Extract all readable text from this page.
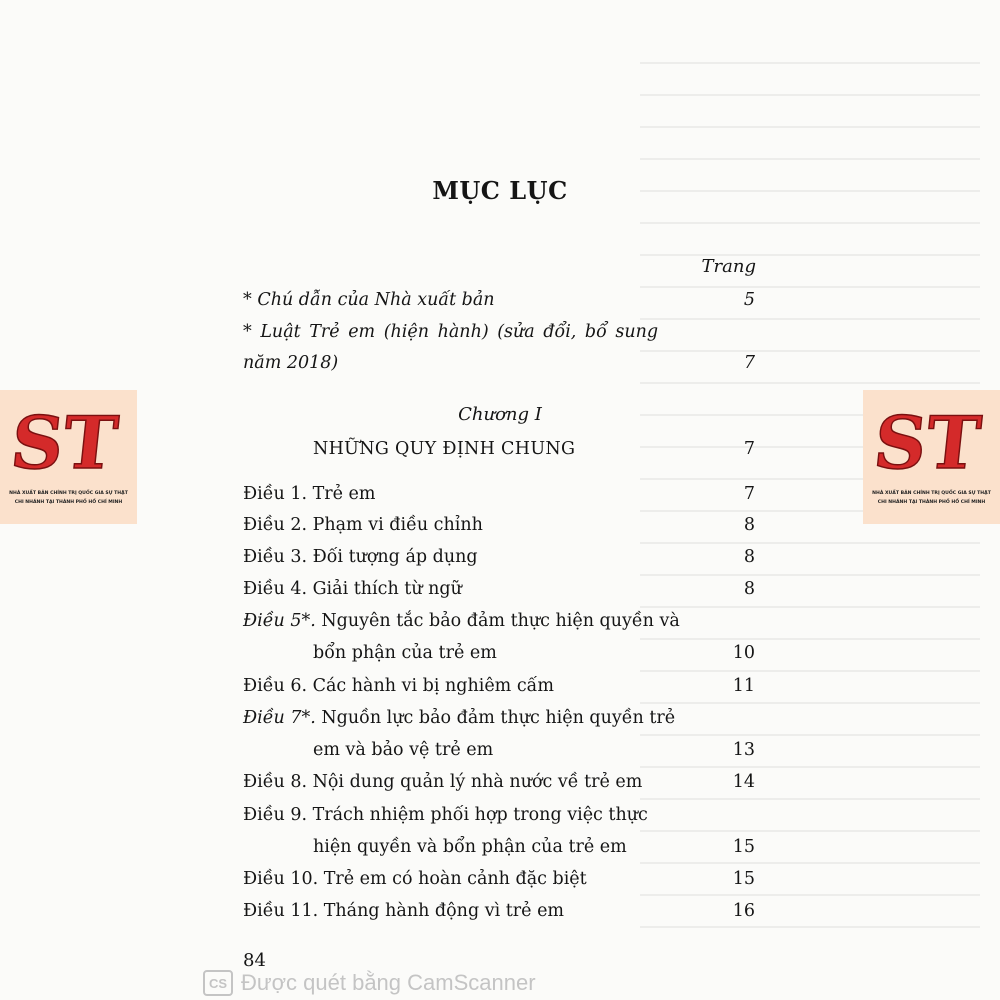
MỤC LỤC
Trang
* Chú dẫn của Nhà xuất bản	5
* Luật Trẻ em (hiện hành) (sửa đổi, bổ sung
năm 2018)	7
Chương I
NHỮNG QUY ĐỊNH CHUNG	7
Điều 1. Trẻ em	7
Điều 2. Phạm vi điều chỉnh	8
Điều 3. Đối tượng áp dụng	8
Điều 4. Giải thích từ ngữ	8
Điều 5*. Nguyên tắc bảo đảm thực hiện quyền và
bổn phận của trẻ em	10
Điều 6. Các hành vi bị nghiêm cấm	11
Điều 7*. Nguồn lực bảo đảm thực hiện quyền trẻ
em và bảo vệ trẻ em	13
Điều 8. Nội dung quản lý nhà nước về trẻ em	14
Điều 9. Trách nhiệm phối hợp trong việc thực
hiện quyền và bổn phận của trẻ em	15
Điều 10. Trẻ em có hoàn cảnh đặc biệt	15
Điều 11. Tháng hành động vì trẻ em	16
84
ST
NHÀ XUẤT BẢN CHÍNH TRỊ QUỐC GIA SỰ THẬT
CHI NHÁNH TẠI THÀNH PHỐ HỒ CHÍ MINH
ST
NHÀ XUẤT BẢN CHÍNH TRỊ QUỐC GIA SỰ THẬT
CHI NHÁNH TẠI THÀNH PHỐ HỒ CHÍ MINH
CS Được quét bằng CamScanner
